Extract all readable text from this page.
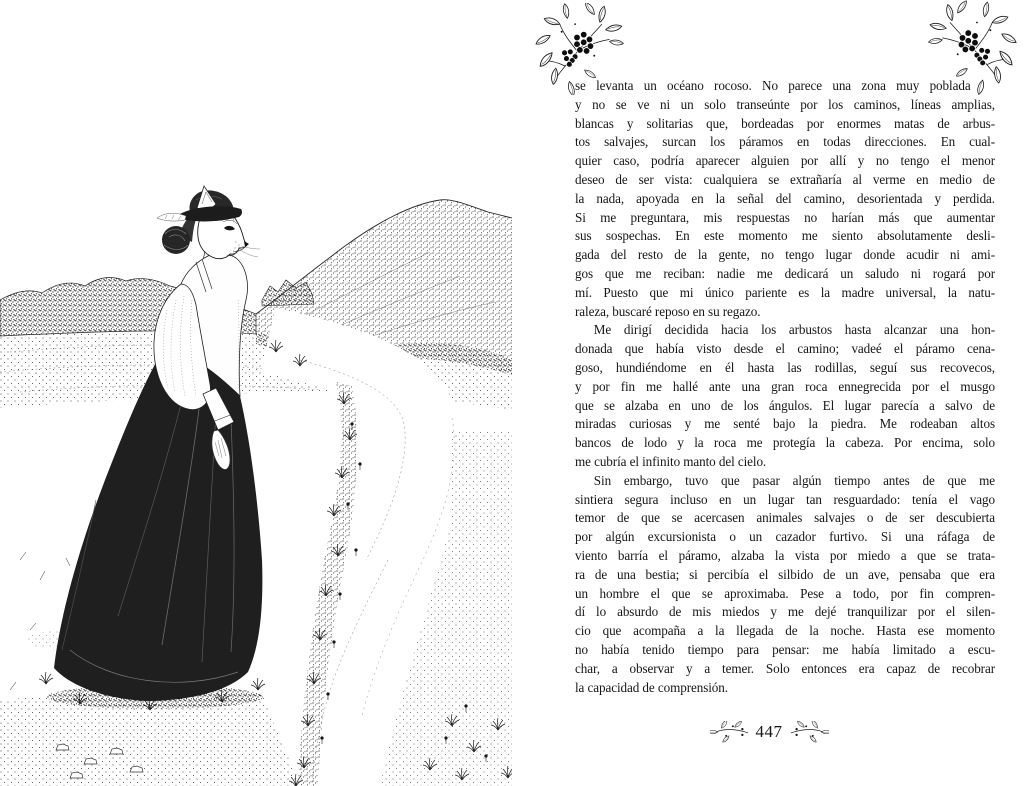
se levanta un océano rocoso. No parece una zona muy poblada
y no se ve ni un solo transeúnte por los caminos, líneas amplias,
blancas y solitarias que, bordeadas por enormes matas de arbus-
tos salvajes, surcan los páramos en todas direcciones. En cual-
quier caso, podría aparecer alguien por allí y no tengo el menor
deseo de ser vista: cualquiera se extrañaría al verme en medio de
la nada, apoyada en la señal del camino, desorientada y perdida.
Si me preguntara, mis respuestas no harían más que aumentar
sus sospechas. En este momento me siento absolutamente desli-
gada del resto de la gente, no tengo lugar donde acudir ni ami-
gos que me reciban: nadie me dedicará un saludo ni rogará por
mí. Puesto que mi único pariente es la madre universal, la natu-
raleza, buscaré reposo en su regazo.
Me dirigí decidida hacia los arbustos hasta alcanzar una hon-
donada que había visto desde el camino; vadeé el páramo cena-
goso, hundiéndome en él hasta las rodillas, seguí sus recovecos,
y por fin me hallé ante una gran roca ennegrecida por el musgo
que se alzaba en uno de los ángulos. El lugar parecía a salvo de
miradas curiosas y me senté bajo la piedra. Me rodeaban altos
bancos de lodo y la roca me protegía la cabeza. Por encima, solo
me cubría el infinito manto del cielo.
Sin embargo, tuvo que pasar algún tiempo antes de que me
sintiera segura incluso en un lugar tan resguardado: tenía el vago
temor de que se acercasen animales salvajes o de ser descubierta
por algún excursionista o un cazador furtivo. Si una ráfaga de
viento barría el páramo, alzaba la vista por miedo a que se trata-
ra de una bestia; si percibía el silbido de un ave, pensaba que era
un hombre el que se aproximaba. Pese a todo, por fin compren-
dí lo absurdo de mis miedos y me dejé tranquilizar por el silen-
cio que acompaña a la llegada de la noche. Hasta ese momento
no había tenido tiempo para pensar: me había limitado a escu-
char, a observar y a temer. Solo entonces era capaz de recobrar
la capacidad de comprensión.
447
